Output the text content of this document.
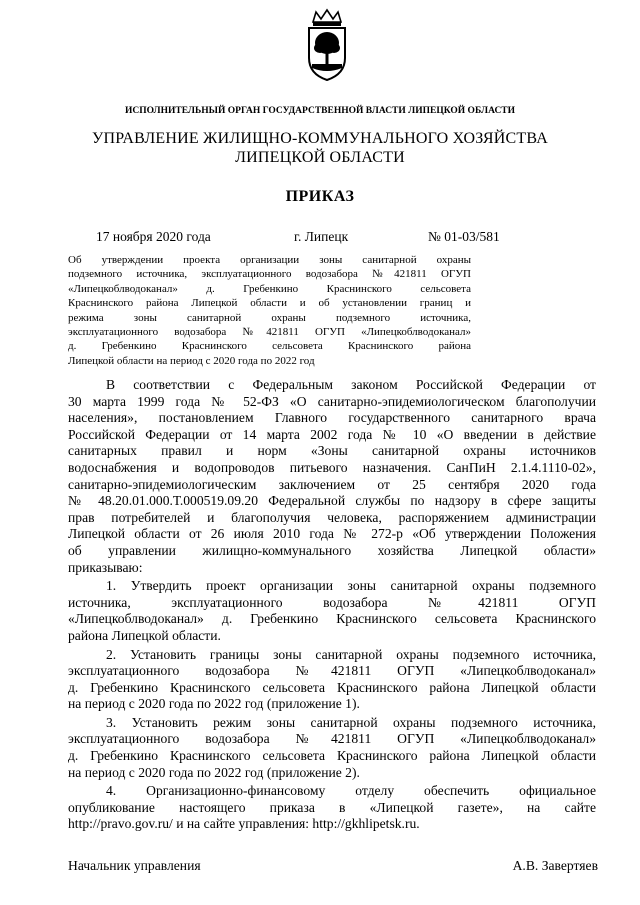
ИСПОЛНИТЕЛЬНЫЙ ОРГАН ГОСУДАРСТВЕННОЙ ВЛАСТИ ЛИПЕЦКОЙ ОБЛАСТИ
УПРАВЛЕНИЕ ЖИЛИЩНО-КОММУНАЛЬНОГО ХОЗЯЙСТВА
ЛИПЕЦКОЙ ОБЛАСТИ
ПРИКАЗ
17 ноября 2020 года	г. Липецк	№ 01-03/581
Об утверждении проекта организации зоны санитарной охраны
подземного источника, эксплуатационного водозабора №421811 ОГУП
«Липецкоблводоканал» д. Гребенкино Краснинского сельсовета
Краснинского района Липецкой области и об установлении границ и
режима зоны санитарной охраны подземного источника,
эксплуатационного водозабора №421811 ОГУП «Липецкоблводоканал»
д. Гребенкино Краснинского сельсовета Краснинского района
Липецкой области на период с 2020 года по 2022 год
В соответствии с Федеральным законом Российской Федерации от
30 марта 1999 года № 52-ФЗ «О санитарно-эпидемиологическом благополучии
населения», постановлением Главного государственного санитарного врача
Российской Федерации от 14 марта 2002 года № 10 «О введении в действие
санитарных правил и норм «Зоны санитарной охраны источников
водоснабжения и водопроводов питьевого назначения. СанПиН 2.1.4.1110-02»,
санитарно-эпидемиологическим заключением от 25 сентября 2020 года
№ 48.20.01.000.Т.000519.09.20 Федеральной службы по надзору в сфере защиты
прав потребителей и благополучия человека, распоряжением администрации
Липецкой области от 26 июля 2010 года № 272-р «Об утверждении Положения
об управлении жилищно-коммунального хозяйства Липецкой области»
приказываю:
1. Утвердить проект организации зоны санитарной охраны подземного
источника, эксплуатационного водозабора №421811 ОГУП
«Липецкоблводоканал» д. Гребенкино Краснинского сельсовета Краснинского
района Липецкой области.
2. Установить границы зоны санитарной охраны подземного источника,
эксплуатационного водозабора №421811 ОГУП «Липецкоблводоканал»
д. Гребенкино Краснинского сельсовета Краснинского района Липецкой области
на период с 2020 года по 2022 год (приложение 1).
3. Установить режим зоны санитарной охраны подземного источника,
эксплуатационного водозабора №421811 ОГУП «Липецкоблводоканал»
д. Гребенкино Краснинского сельсовета Краснинского района Липецкой области
на период с 2020 года по 2022 год (приложение 2).
4. Организационно-финансовому отделу обеспечить официальное
опубликование настоящего приказа в «Липецкой газете», на сайте
http://pravo.gov.ru/ и на сайте управления: http://gkhlipetsk.ru.
Начальник управления	А.В. Завертяев
